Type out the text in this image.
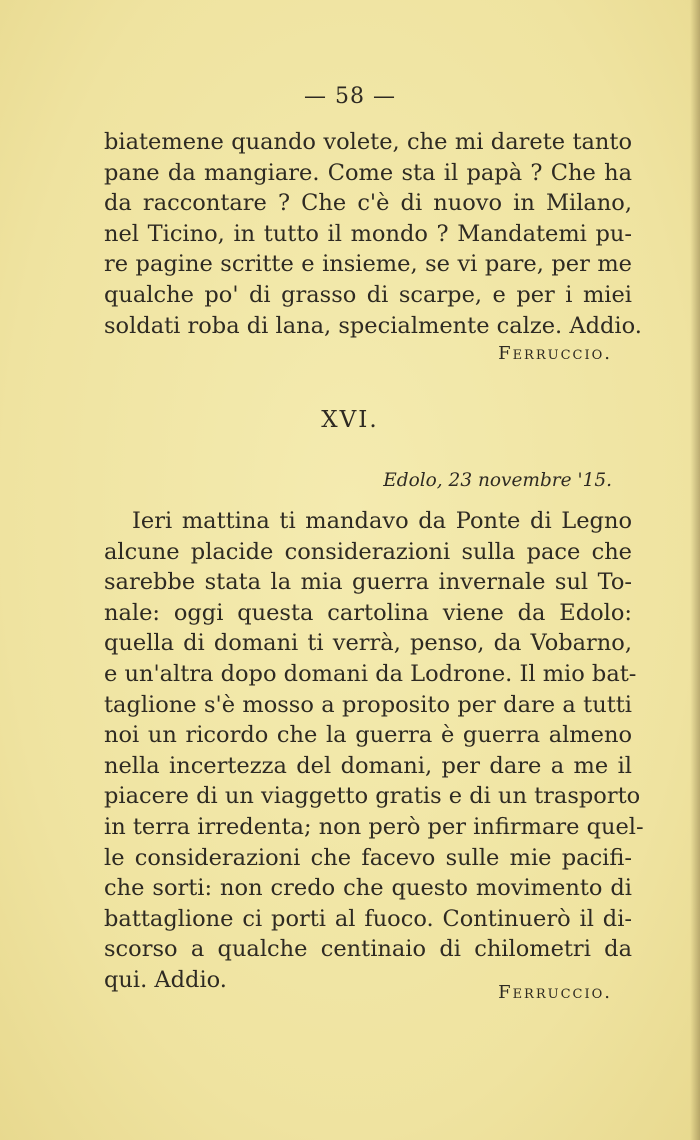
— 58 —

biatemene quando volete, che mi darete tanto
pane da mangiare. Come sta il papà ? Che ha
da raccontare ? Che c'è di nuovo in Milano,
nel Ticino, in tutto il mondo ? Mandatemi pu-
re pagine scritte e insieme, se vi pare, per me
qualche po' di grasso di scarpe, e per i miei
soldati roba di lana, specialmente calze. Addio.

Ferruccio.
XVI.
Edolo, 23 novembre '15.

Ieri mattina ti mandavo da Ponte di Legno
alcune placide considerazioni sulla pace che
sarebbe stata la mia guerra invernale sul To-
nale: oggi questa cartolina viene da Edolo:
quella di domani ti verrà, penso, da Vobarno,
e un'altra dopo domani da Lodrone. Il mio bat-
taglione s'è mosso a proposito per dare a tutti
noi un ricordo che la guerra è guerra almeno
nella incertezza del domani, per dare a me il
piacere di un viaggetto gratis e di un trasporto
in terra irredenta; non però per infirmare quel-
le considerazioni che facevo sulle mie pacifi-
che sorti: non credo che questo movimento di
battaglione ci porti al fuoco. Continuerò il di-
scorso a qualche centinaio di chilometri da
qui. Addio.	Ferruccio.
